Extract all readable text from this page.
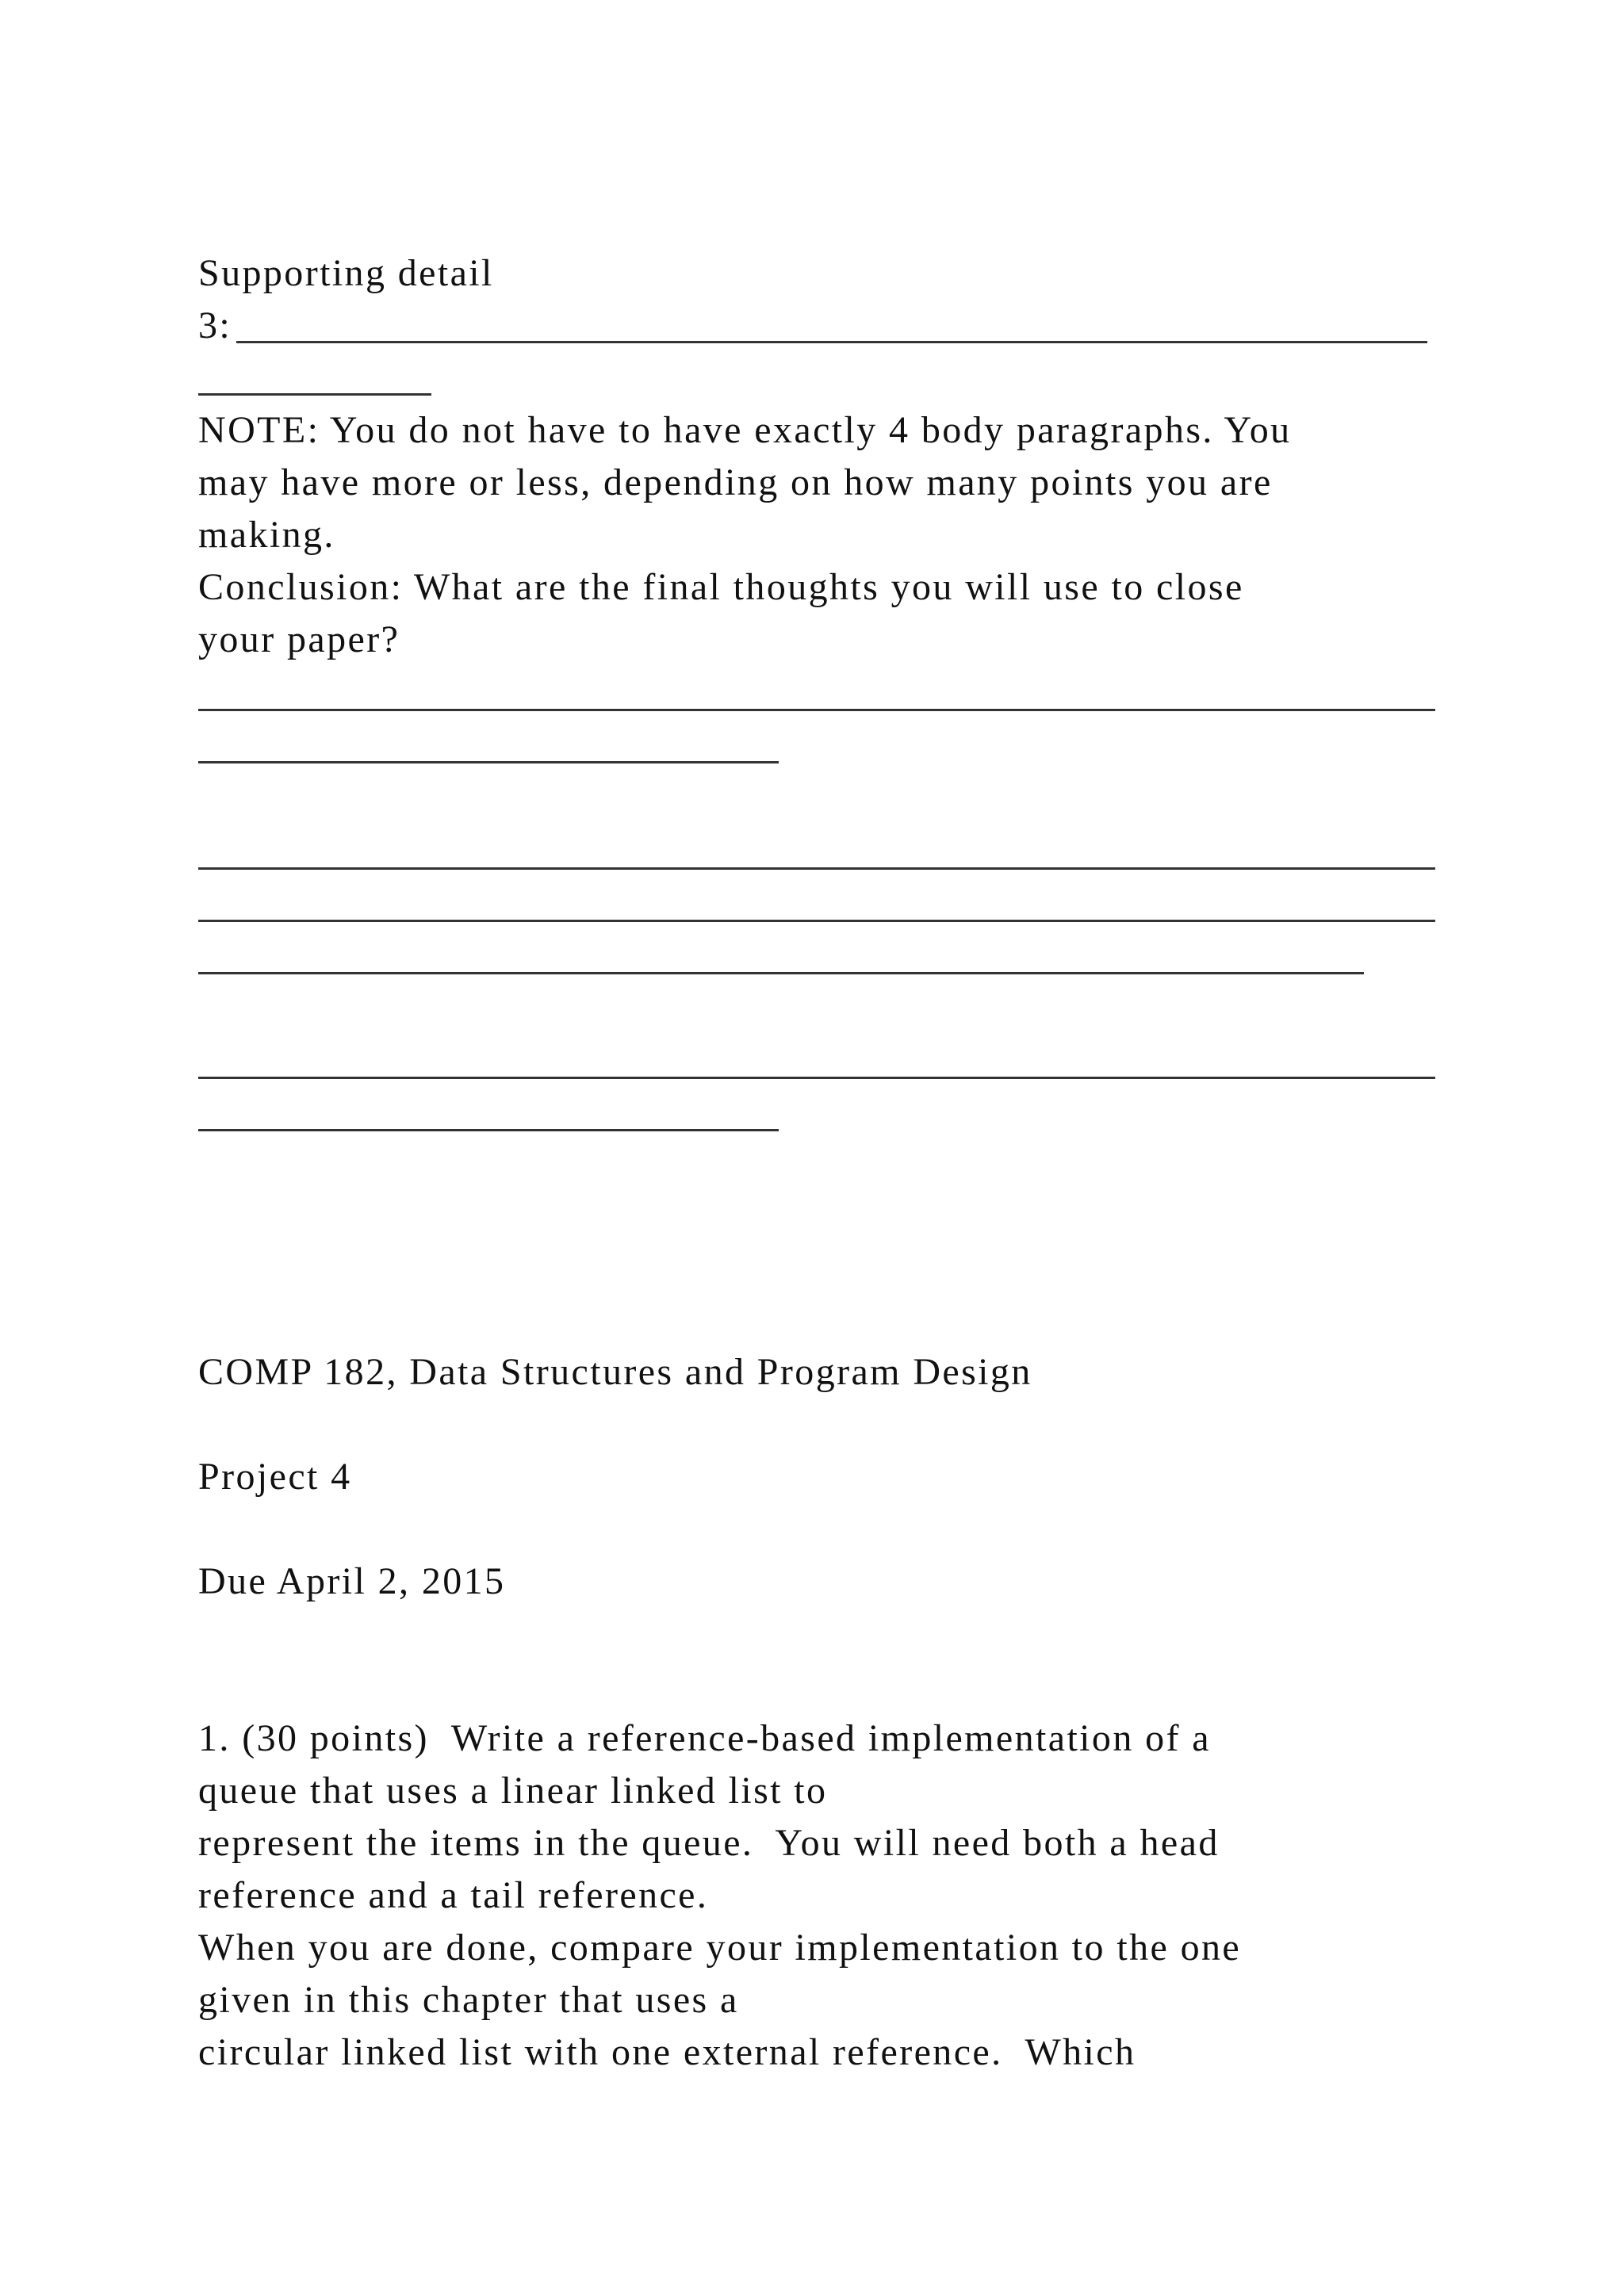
Supporting detail

3:

NOTE: You do not have to have exactly 4 body paragraphs. You

may have more or less, depending on how many points you are

making.

Conclusion: What are the final thoughts you will use to close

your paper?

COMP 182, Data Structures and Program Design

Project 4

Due April 2, 2015

1. (30 points)  Write a reference-based implementation of a

queue that uses a linear linked list to

represent the items in the queue.  You will need both a head

reference and a tail reference.

When you are done, compare your implementation to the one

given in this chapter that uses a

circular linked list with one external reference.  Which
